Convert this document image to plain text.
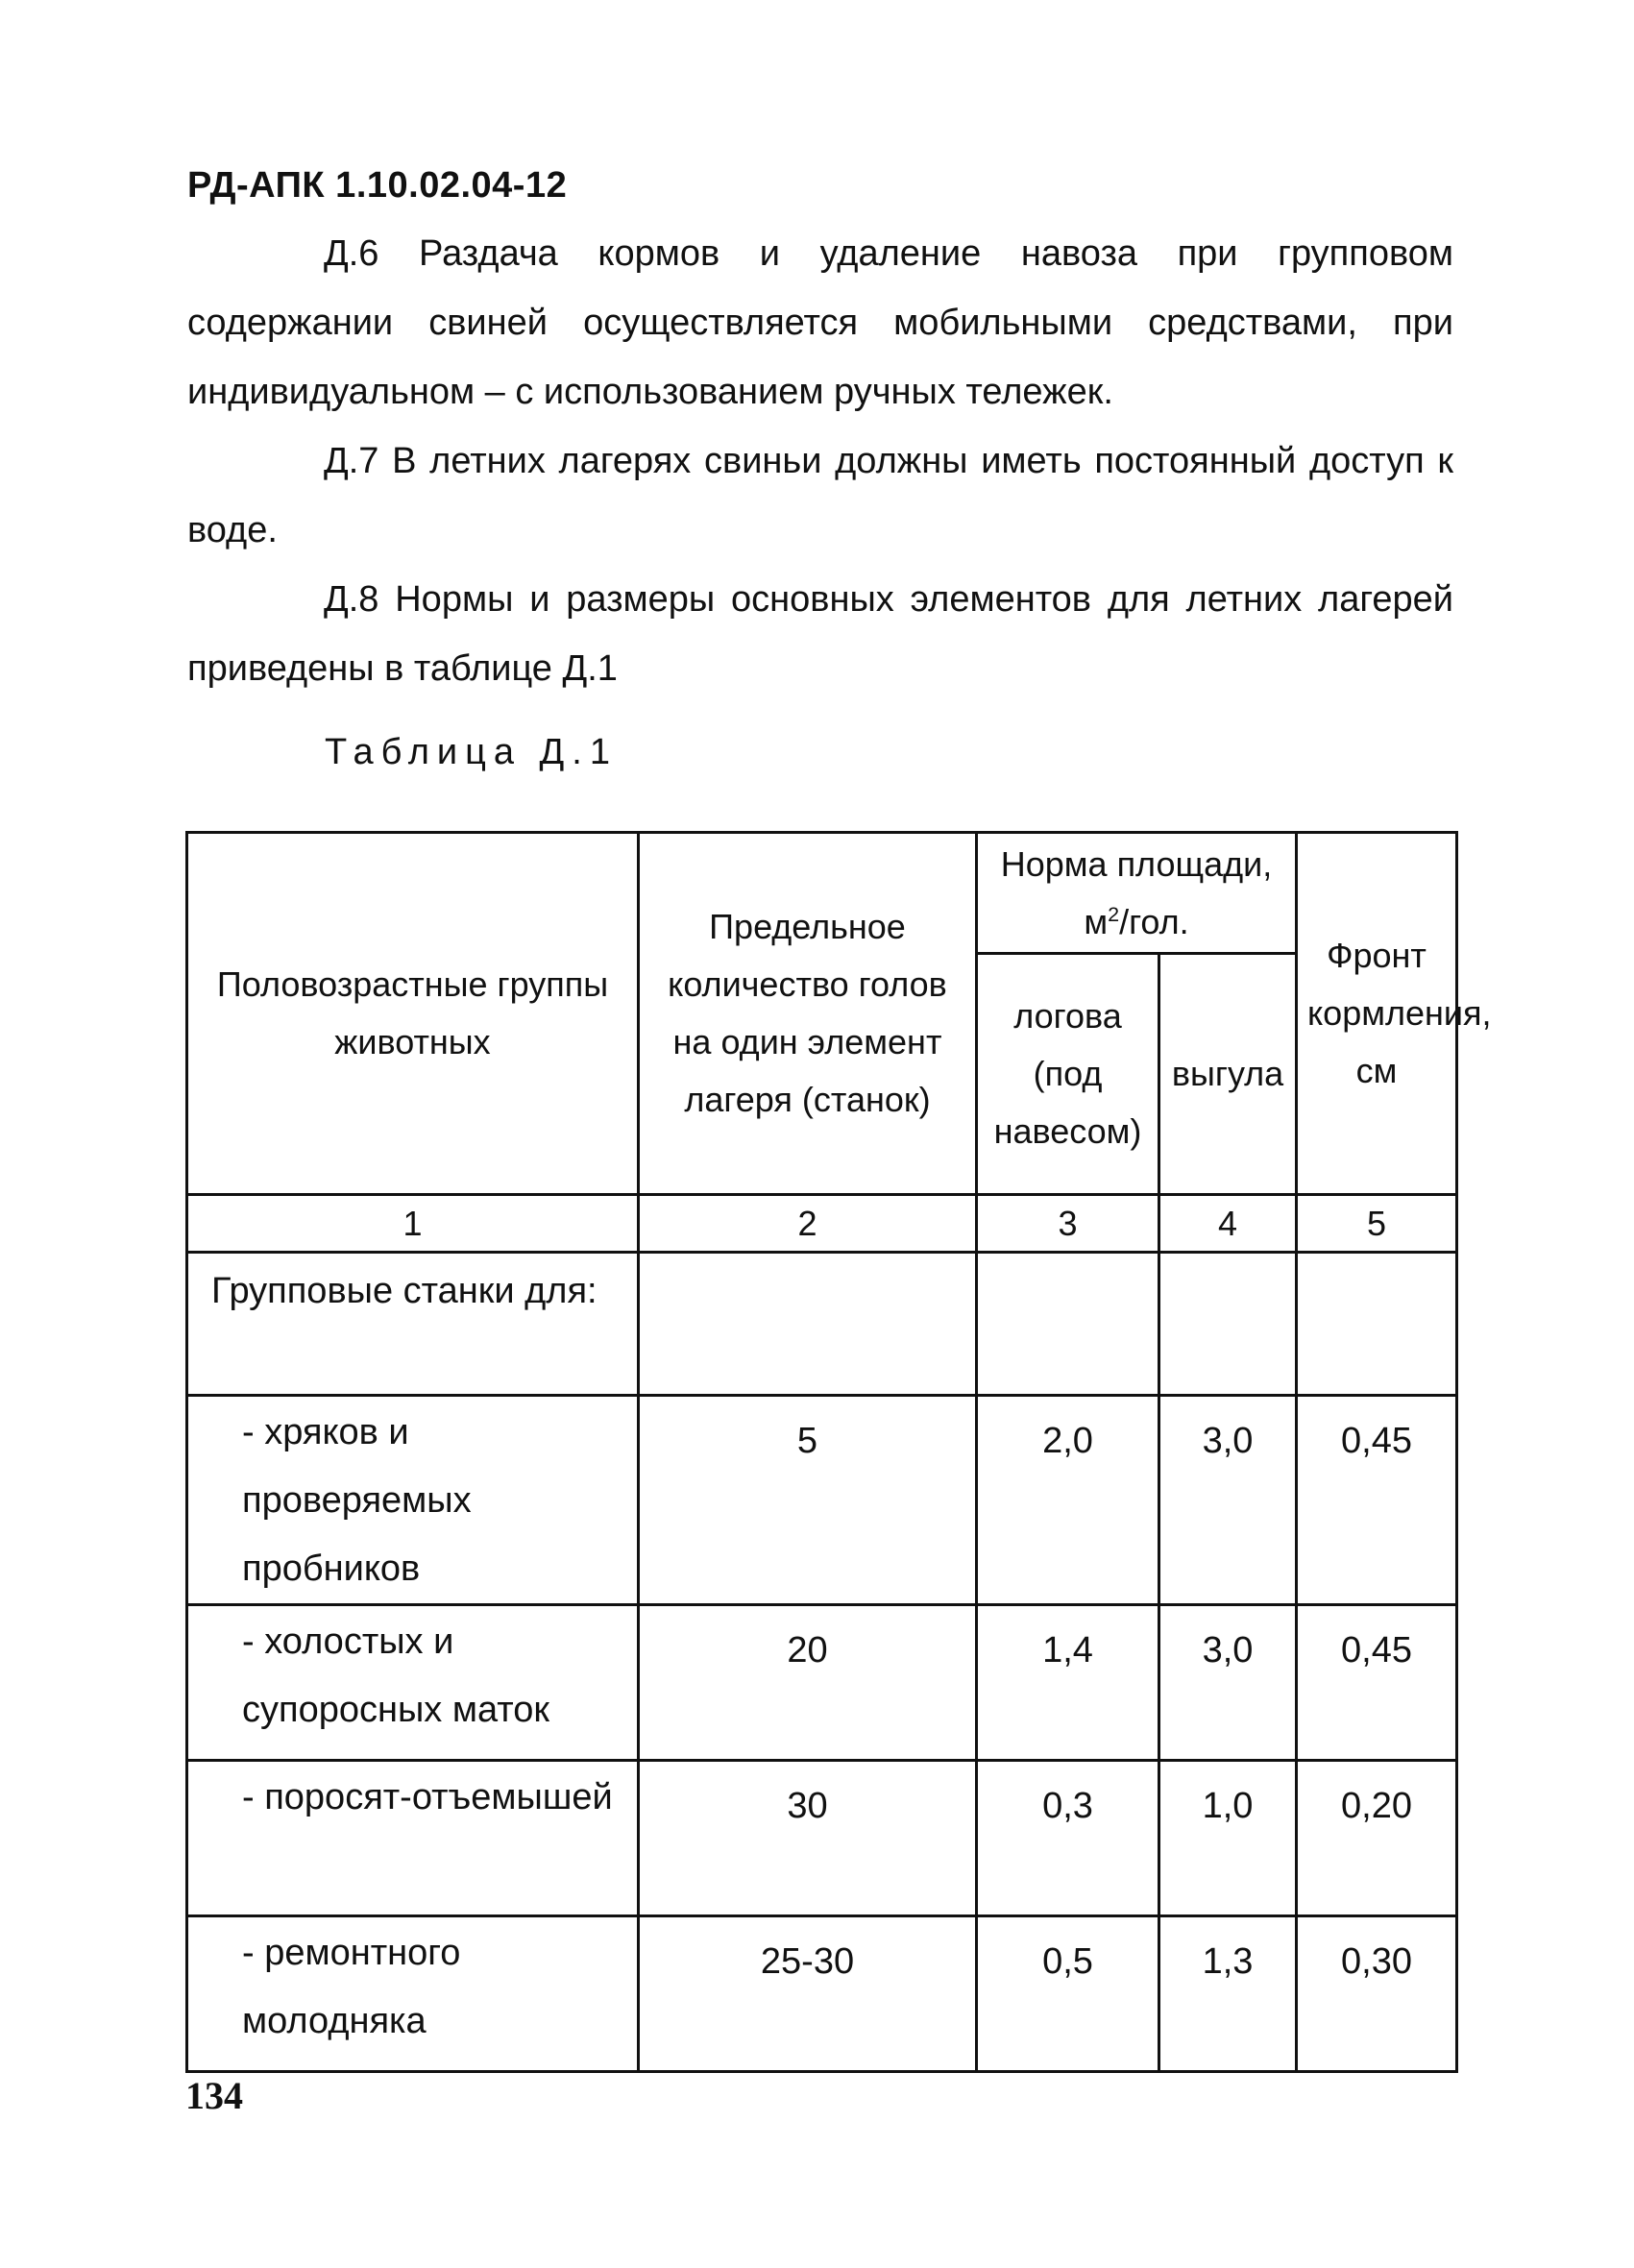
РД-АПК 1.10.02.04-12

Д.6 Раздача кормов и удаление навоза при групповом содержании свиней осуществляется мобильными средствами, при индивидуальном – с использованием ручных тележек.

Д.7 В летних лагерях свиньи должны иметь постоянный доступ к воде.

Д.8 Нормы и размеры основных элементов для летних лагерей приведены в таблице Д.1

Таблица Д.1
Половозрастные группы животных	Предельное количество голов на один элемент лагеря (станок)	Норма площади, $м^2$/гол.		Фронт кормления, см
		логова (под навесом)	выгула	
1	2	3	4	5
Групповые станки для:				
- хряков и проверяемых пробников	5	2,0	3,0	0,45
- холостых и супоросных маток	20	1,4	3,0	0,45
- поросят-отъемышей	30	0,3	1,0	0,20
- ремонтного молодняка	25-30	0,5	1,3	0,30
134
